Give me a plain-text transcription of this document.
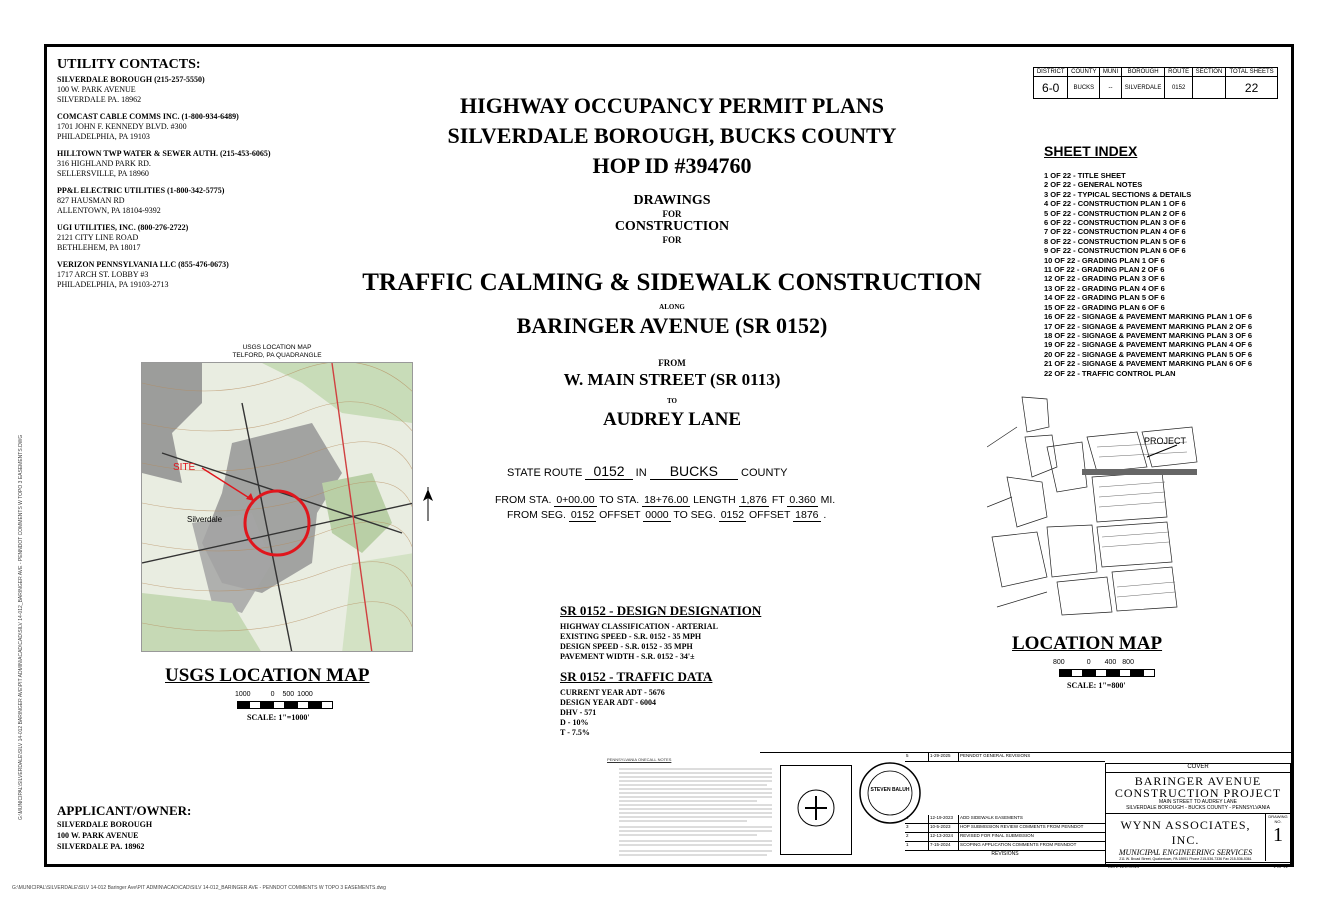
G:\MUNICIPAL\SILVERDALE\SILV 14-012 BARINGER AVE\PIT ADMIN\ACAD\CAD\SILV 14-012_BARINGER AVE - PENNDOT COMMENTS W TOPO 3 EASEMENTS.DWG
UTILITY CONTACTS:
SILVERDALE BOROUGH (215-257-5550)
100 W. PARK AVENUE
SILVERDALE PA. 18962
COMCAST CABLE COMMS INC. (1-800-934-6489)
1701 JOHN F. KENNEDY BLVD. #300
PHILADELPHIA, PA 19103
HILLTOWN TWP WATER & SEWER AUTH. (215-453-6065)
316 HIGHLAND PARK RD.
SELLERSVILLE, PA 18960
PP&L ELECTRIC UTILITIES (1-800-342-5775)
827 HAUSMAN RD
ALLENTOWN, PA 18104-9392
UGI UTILITIES, INC. (800-276-2722)
2121 CITY LINE ROAD
BETHLEHEM, PA 18017
VERIZON PENNSYLVANIA LLC (855-476-0673)
1717 ARCH ST. LOBBY #3
PHILADELPHIA, PA 19103-2713
HIGHWAY OCCUPANCY PERMIT PLANS
SILVERDALE BOROUGH, BUCKS COUNTY
HOP ID #394760
DRAWINGS
FOR
CONSTRUCTION
FOR
TRAFFIC CALMING & SIDEWALK CONSTRUCTION
ALONG
BARINGER AVENUE (SR 0152)
FROM
W. MAIN STREET (SR 0113)
TO
AUDREY LANE
STATE ROUTE 0152 IN BUCKS COUNTY
FROM STA. 0+00.00 TO STA. 18+76.00 LENGTH 1,876 FT 0.360 MI.
FROM SEG. 0152 OFFSET 0000 TO SEG. 0152 OFFSET 1876 .
DISTRICT	COUNTY	MUNI	BOROUGH	ROUTE	SECTION	TOTAL SHEETS
6-0	BUCKS	--	SILVERDALE	0152		22
SHEET INDEX
1 OF 22 - TITLE SHEET
2 OF 22 - GENERAL NOTES
3 OF 22 - TYPICAL SECTIONS & DETAILS
4 OF 22 - CONSTRUCTION PLAN 1 OF 6
5 OF 22 - CONSTRUCTION PLAN 2 OF 6
6 OF 22 - CONSTRUCTION PLAN 3 OF 6
7 OF 22 - CONSTRUCTION PLAN 4 OF 6
8 OF 22 - CONSTRUCTION PLAN 5 OF 6
9 OF 22 - CONSTRUCTION PLAN 6 OF 6
10 OF 22 - GRADING PLAN 1 OF 6
11 OF 22 - GRADING PLAN 2 OF 6
12 OF 22 - GRADING PLAN 3 OF 6
13 OF 22 - GRADING PLAN 4 OF 6
14 OF 22 - GRADING PLAN 5 OF 6
15 OF 22 - GRADING PLAN 6 OF 6
16 OF 22 - SIGNAGE & PAVEMENT MARKING PLAN 1 OF 6
17 OF 22 - SIGNAGE & PAVEMENT MARKING PLAN 2 OF 6
18 OF 22 - SIGNAGE & PAVEMENT MARKING PLAN 3 OF 6
19 OF 22 - SIGNAGE & PAVEMENT MARKING PLAN 4 OF 6
20 OF 22 - SIGNAGE & PAVEMENT MARKING PLAN 5 OF 6
21 OF 22 - SIGNAGE & PAVEMENT MARKING PLAN 6 OF 6
22 OF 22 - TRAFFIC CONTROL PLAN
USGS LOCATION MAP
TELFORD, PA QUADRANGLE
SITE
Silverdale
USGS LOCATION MAP
1000	0 500 1000
SCALE: 1"=1000'
PROJECT
LOCATION MAP
800	0 400 800
SCALE: 1"=800'
SR 0152 - DESIGN DESIGNATION
HIGHWAY CLASSIFICATION - ARTERIAL
EXISTING SPEED - S.R. 0152 - 35 MPH
DESIGN SPEED - S.R. 0152 - 35 MPH
PAVEMENT WIDTH - S.R. 0152 - 34'±
SR 0152 - TRAFFIC DATA
CURRENT YEAR ADT - 5676
DESIGN YEAR ADT - 6004
DHV - 571
D - 10%
T - 7.5%
APPLICANT/OWNER:
SILVERDALE BOROUGH
100 W. PARK AVENUE
SILVERDALE PA. 18962
PENNSYLVANIA ONECALL NOTES
STEVEN BALUH
5	1-29-2025	PENNDOT GENERAL REVISIONS
4	12-19-2023	ADD SIDEWALK EASEMENTS
3	10-5-2023	HOP SUBMISSION REVIEW COMMENTS FROM PENNDOT
2	12-13-2024	REVISED FOR FINAL SUBMISSION
1	7-15-2024	SCOPING APPLICATION COMMENTS FROM PENNDOT
REVISIONS
COVER
BARINGER AVENUE
CONSTRUCTION PROJECT
MAIN STREET TO AUDREY LANE
SILVERDALE BOROUGH - BUCKS COUNTY - PENNSYLVANIA
WYNN ASSOCIATES, INC.
MUNICIPAL ENGINEERING SERVICES
211 W. Broad Street, Quakertown, PA 18951 Phone 215-536-7336 Fax 215-536-5361
DRAWING NO.
1
DATE 11/17/2023	1 OF 22
G:\MUNICIPAL\SILVERDALE\SILV 14-012 Baringer Ave\PIT ADMIN\ACAD\CAD\SILV 14-012_BARINGER AVE - PENNDOT COMMENTS W TOPO 3 EASEMENTS.dwg
